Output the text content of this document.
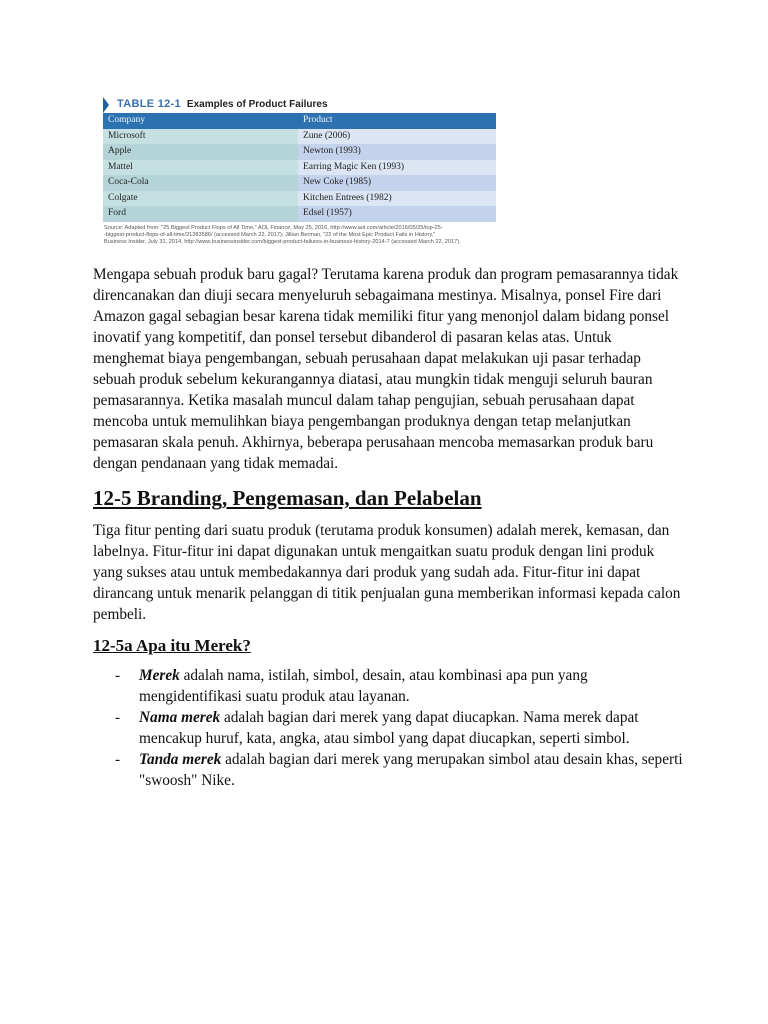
TABLE 12-1 Examples of Product Failures
Company	Product
Microsoft	Zune (2006)
Apple	Newton (1993)
Mattel	Earring Magic Ken (1993)
Coca-Cola	New Coke (1985)
Colgate	Kitchen Entrees (1982)
Ford	Edsel (1957)
Source: Adapted from: "25 Biggest Product Flops of All Time," AOL Finance, May 25, 2016, http://www.aol.com/article/2016/05/25/top-25-
-biggest-product-flops-of-all-time/21383586/ (accessed March 22, 2017); Jillian Berman, "22 of the Most Epic Product Fails in History,"
Business Insider, July 31, 2014, http://www.businessinsider.com/biggest-product-failures-in-business-history-2014-7 (accessed March 22, 2017).

Mengapa sebuah produk baru gagal? Terutama karena produk dan program pemasarannya tidak direncanakan dan diuji secara menyeluruh sebagaimana mestinya. Misalnya, ponsel Fire dari Amazon gagal sebagian besar karena tidak memiliki fitur yang menonjol dalam bidang ponsel inovatif yang kompetitif, dan ponsel tersebut dibanderol di pasaran kelas atas. Untuk menghemat biaya pengembangan, sebuah perusahaan dapat melakukan uji pasar terhadap sebuah produk sebelum kekurangannya diatasi, atau mungkin tidak menguji seluruh bauran pemasarannya. Ketika masalah muncul dalam tahap pengujian, sebuah perusahaan dapat mencoba untuk memulihkan biaya pengembangan produknya dengan tetap melanjutkan pemasaran skala penuh. Akhirnya, beberapa perusahaan mencoba memasarkan produk baru dengan pendanaan yang tidak memadai.

12-5 Branding, Pengemasan, dan Pelabelan

Tiga fitur penting dari suatu produk (terutama produk konsumen) adalah merek, kemasan, dan labelnya. Fitur-fitur ini dapat digunakan untuk mengaitkan suatu produk dengan lini produk yang sukses atau untuk membedakannya dari produk yang sudah ada. Fitur-fitur ini dapat dirancang untuk menarik pelanggan di titik penjualan guna memberikan informasi kepada calon pembeli.

12-5a Apa itu Merek?
- Merek adalah nama, istilah, simbol, desain, atau kombinasi apa pun yang mengidentifikasi suatu produk atau layanan.
- Nama merek adalah bagian dari merek yang dapat diucapkan. Nama merek dapat mencakup huruf, kata, angka, atau simbol yang dapat diucapkan, seperti simbol.
- Tanda merek adalah bagian dari merek yang merupakan simbol atau desain khas, seperti "swoosh" Nike.
